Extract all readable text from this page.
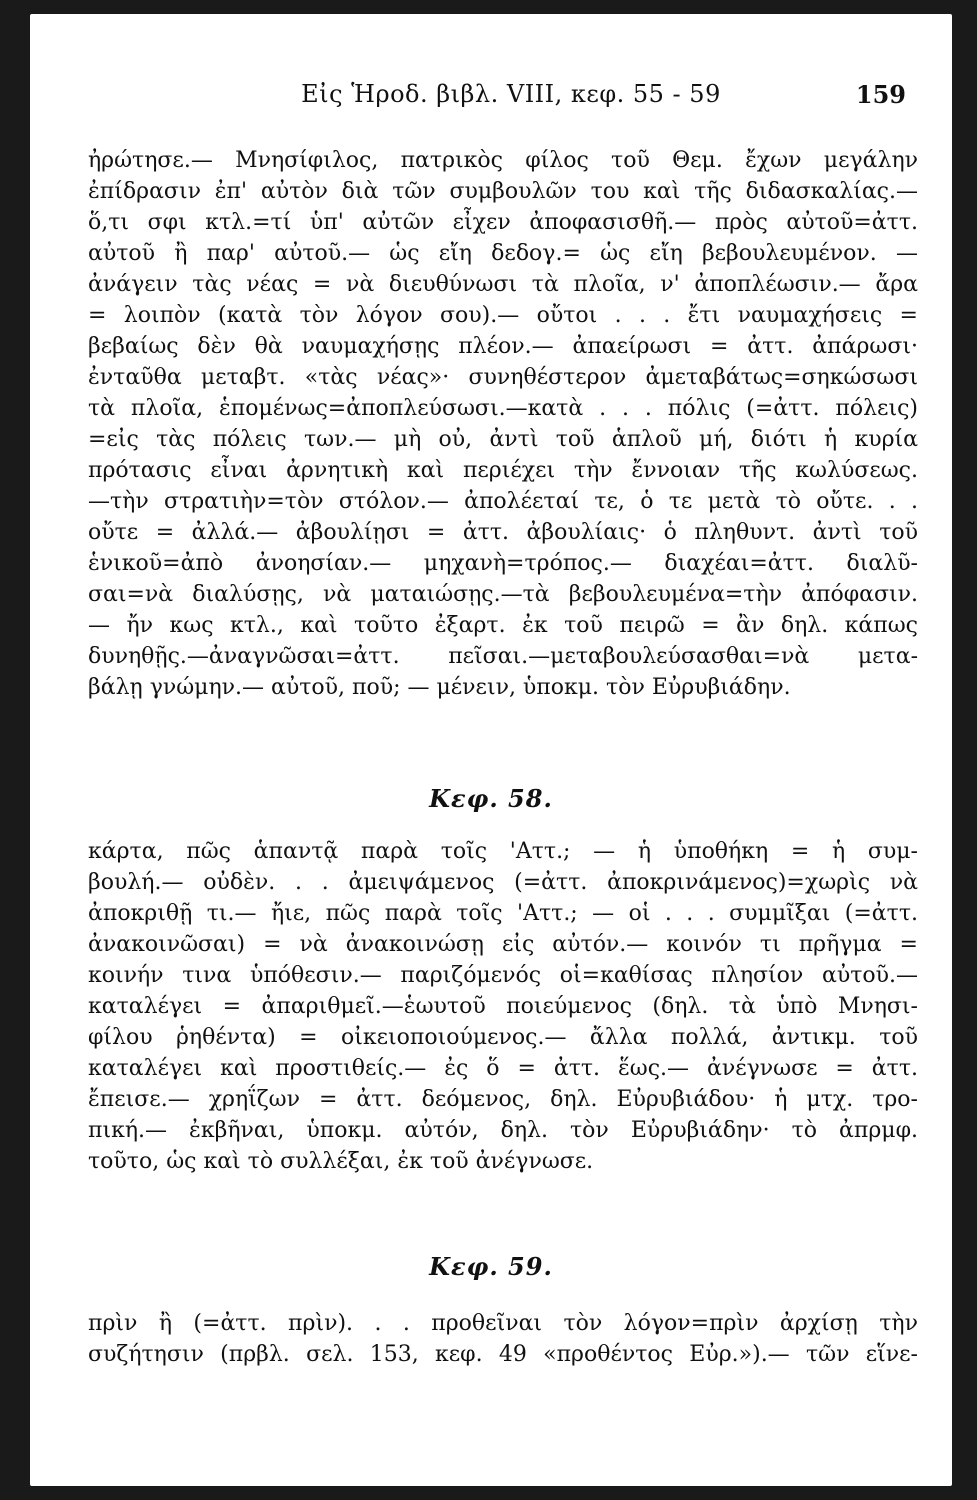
Εἰς Ἡροδ. βιβλ. VIII, κεφ. 55 - 59	159
ἠρώτησε.— Μνησίφιλος, πατρικὸς φίλος τοῦ Θεμ. ἔχων μεγάλην
ἐπίδρασιν ἐπ' αὐτὸν διὰ τῶν συμβουλῶν του καὶ τῆς διδασκαλίας.—
ὅ,τι σφι κτλ.=τί ὑπ' αὐτῶν εἶχεν ἀποφασισθῆ.— πρὸς αὐτοῦ=ἀττ.
αὐτοῦ ἢ παρ' αὐτοῦ.— ὡς εἴη δεδογ.= ὡς εἴη βεβουλευμένον. —
ἀνάγειν τὰς νέας = νὰ διευθύνωσι τὰ πλοῖα, ν' ἀποπλέωσιν.— ἄρα
= λοιπὸν (κατὰ τὸν λόγον σου).— οὔτοι . . . ἔτι ναυμαχήσεις =
βεβαίως δὲν θὰ ναυμαχήσῃς πλέον.— ἀπαείρωσι = ἀττ. ἀπάρωσι·
ἐνταῦθα μεταβτ. «τὰς νέας»· συνηθέστερον ἀμεταβάτως=σηκώσωσι
τὰ πλοῖα, ἑπομένως=ἀποπλεύσωσι.—κατὰ . . . πόλις (=ἀττ. πόλεις)
=εἰς τὰς πόλεις των.— μὴ οὐ, ἀντὶ τοῦ ἁπλοῦ μή, διότι ἡ κυρία
πρότασις εἶναι ἀρνητικὴ καὶ περιέχει τὴν ἔννοιαν τῆς κωλύσεως.
—τὴν στρατιὴν=τὸν στόλον.— ἀπολέεταί τε, ὁ τε μετὰ τὸ οὔτε. . .
οὔτε = ἀλλά.— ἀβουλίῃσι = ἀττ. ἀβουλίαις· ὁ πληθυντ. ἀντὶ τοῦ
ἑνικοῦ=ἀπὸ ἀνοησίαν.— μηχανὴ=τρόπος.— διαχέαι=ἀττ. διαλῦ-
σαι=νὰ διαλύσῃς, νὰ ματαιώσῃς.—τὰ βεβουλευμένα=τὴν ἀπόφασιν.
— ἤν κως κτλ., καὶ τοῦτο ἐξαρτ. ἐκ τοῦ πειρῶ = ἂν δηλ. κάπως
δυνηθῇς.—ἀναγνῶσαι=ἀττ. πεῖσαι.—μεταβουλεύσασθαι=νὰ μετα-
βάλῃ γνώμην.— αὐτοῦ, ποῦ; — μένειν, ὑποκμ. τὸν Εὐρυβιάδην.
Κεφ. 58.
κάρτα, πῶς ἁπαντᾷ παρὰ τοῖς 'Αττ.; — ἡ ὑποθήκη = ἡ συμ-
βουλή.— οὐδὲν. . . ἀμειψάμενος (=ἀττ. ἀποκρινάμενος)=χωρὶς νὰ
ἀποκριθῇ τι.— ἤιε, πῶς παρὰ τοῖς 'Αττ.; — οἱ . . . συμμῖξαι (=ἀττ.
ἀνακοινῶσαι) = νὰ ἀνακοινώσῃ εἰς αὐτόν.— κοινόν τι πρῆγμα =
κοινήν τινα ὑπόθεσιν.— παριζόμενός οἱ=καθίσας πλησίον αὐτοῦ.—
καταλέγει = ἀπαριθμεῖ.—ἑωυτοῦ ποιεύμενος (δηλ. τὰ ὑπὸ Μνησι-
φίλου ῥηθέντα) = οἰκειοποιούμενος.— ἄλλα πολλά, ἀντικμ. τοῦ
καταλέγει καὶ προστιθείς.— ἐς ὅ = ἀττ. ἕως.— ἀνέγνωσε = ἀττ.
ἔπεισε.— χρηΐζων = ἀττ. δεόμενος, δηλ. Εὐρυβιάδου· ἡ μτχ. τρο-
πική.— ἐκβῆναι, ὑποκμ. αὐτόν, δηλ. τὸν Εὐρυβιάδην· τὸ ἀπρμφ.
τοῦτο, ὡς καὶ τὸ συλλέξαι, ἐκ τοῦ ἀνέγνωσε.
Κεφ. 59.
πρὶν ἢ (=ἀττ. πρὶν). . . προθεῖναι τὸν λόγον=πρὶν ἀρχίσῃ τὴν
συζήτησιν (πρβλ. σελ. 153, κεφ. 49 «προθέντος Εὐρ.»).— τῶν εἵνε-
